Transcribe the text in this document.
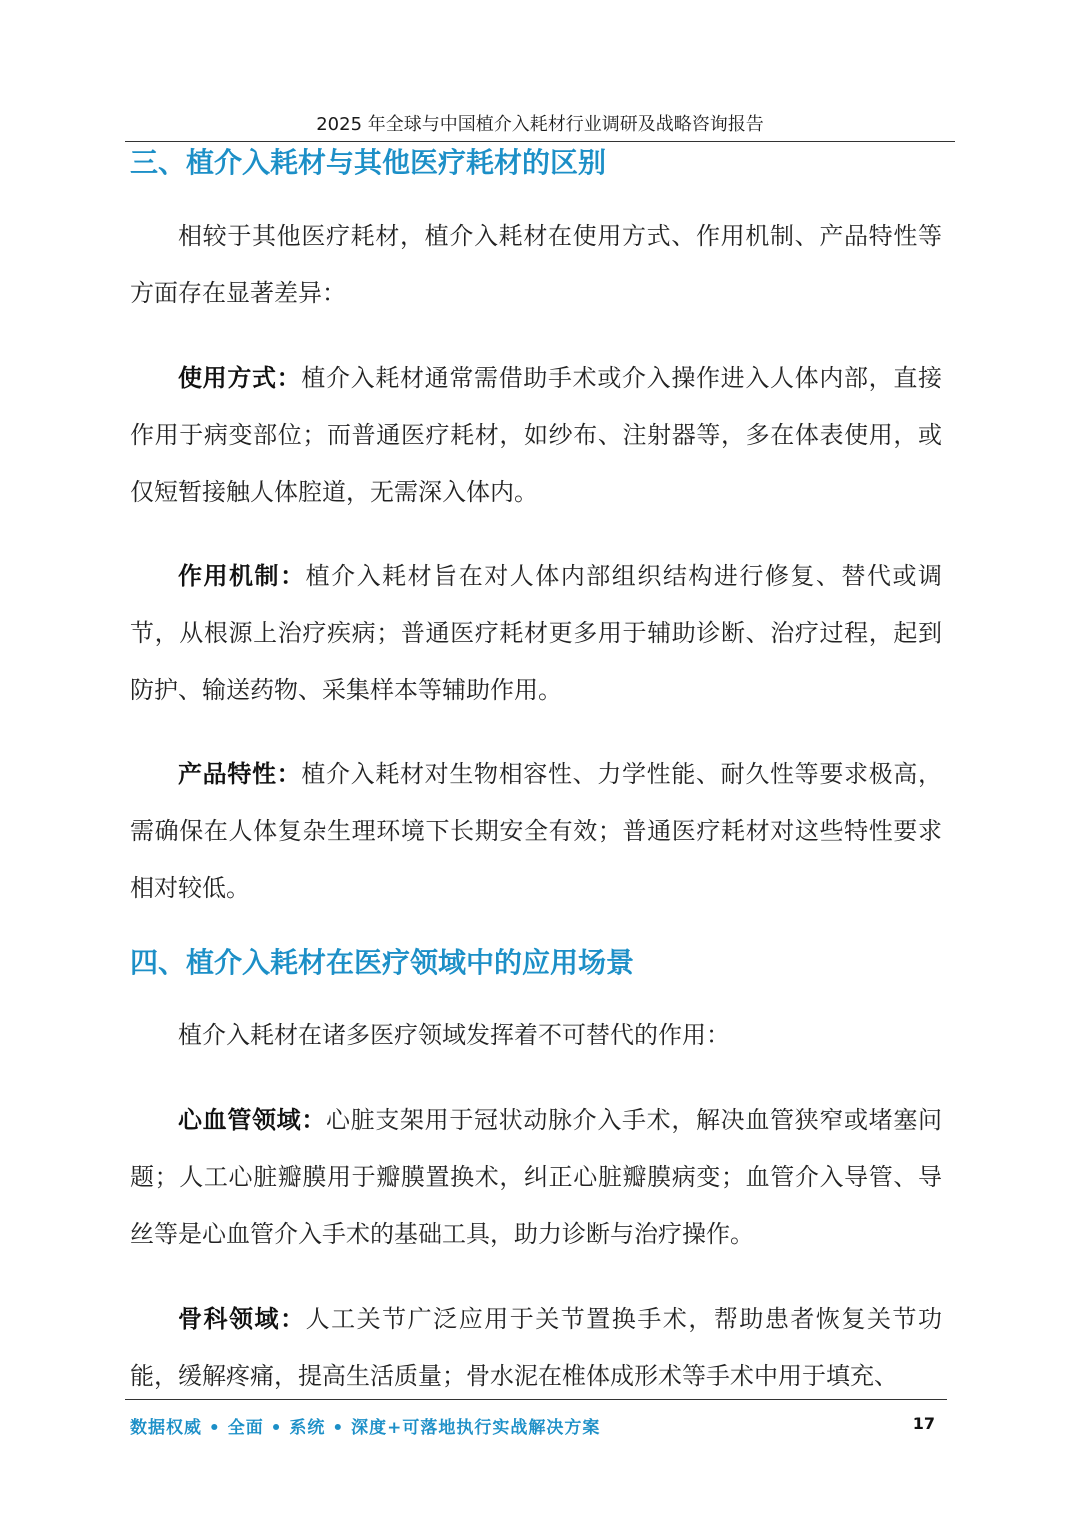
2025 年全球与中国植介入耗材行业调研及战略咨询报告
三、植介入耗材与其他医疗耗材的区别
相较于其他医疗耗材，植介入耗材在使用方式、作用机制、产品特性等方面存在显著差异：
使用方式：植介入耗材通常需借助手术或介入操作进入人体内部，直接作用于病变部位；而普通医疗耗材，如纱布、注射器等，多在体表使用，或仅短暂接触人体腔道，无需深入体内。
作用机制：植介入耗材旨在对人体内部组织结构进行修复、替代或调节，从根源上治疗疾病；普通医疗耗材更多用于辅助诊断、治疗过程，起到防护、输送药物、采集样本等辅助作用。
产品特性：植介入耗材对生物相容性、力学性能、耐久性等要求极高，需确保在人体复杂生理环境下长期安全有效；普通医疗耗材对这些特性要求相对较低。
四、植介入耗材在医疗领域中的应用场景
植介入耗材在诸多医疗领域发挥着不可替代的作用：
心血管领域：心脏支架用于冠状动脉介入手术，解决血管狭窄或堵塞问题；人工心脏瓣膜用于瓣膜置换术，纠正心脏瓣膜病变；血管介入导管、导丝等是心血管介入手术的基础工具，助力诊断与治疗操作。
骨科领域：人工关节广泛应用于关节置换手术，帮助患者恢复关节功能，缓解疼痛，提高生活质量；骨水泥在椎体成形术等手术中用于填充、
数据权威 • 全面 • 系统 • 深度+可落地执行实战解决方案	17
